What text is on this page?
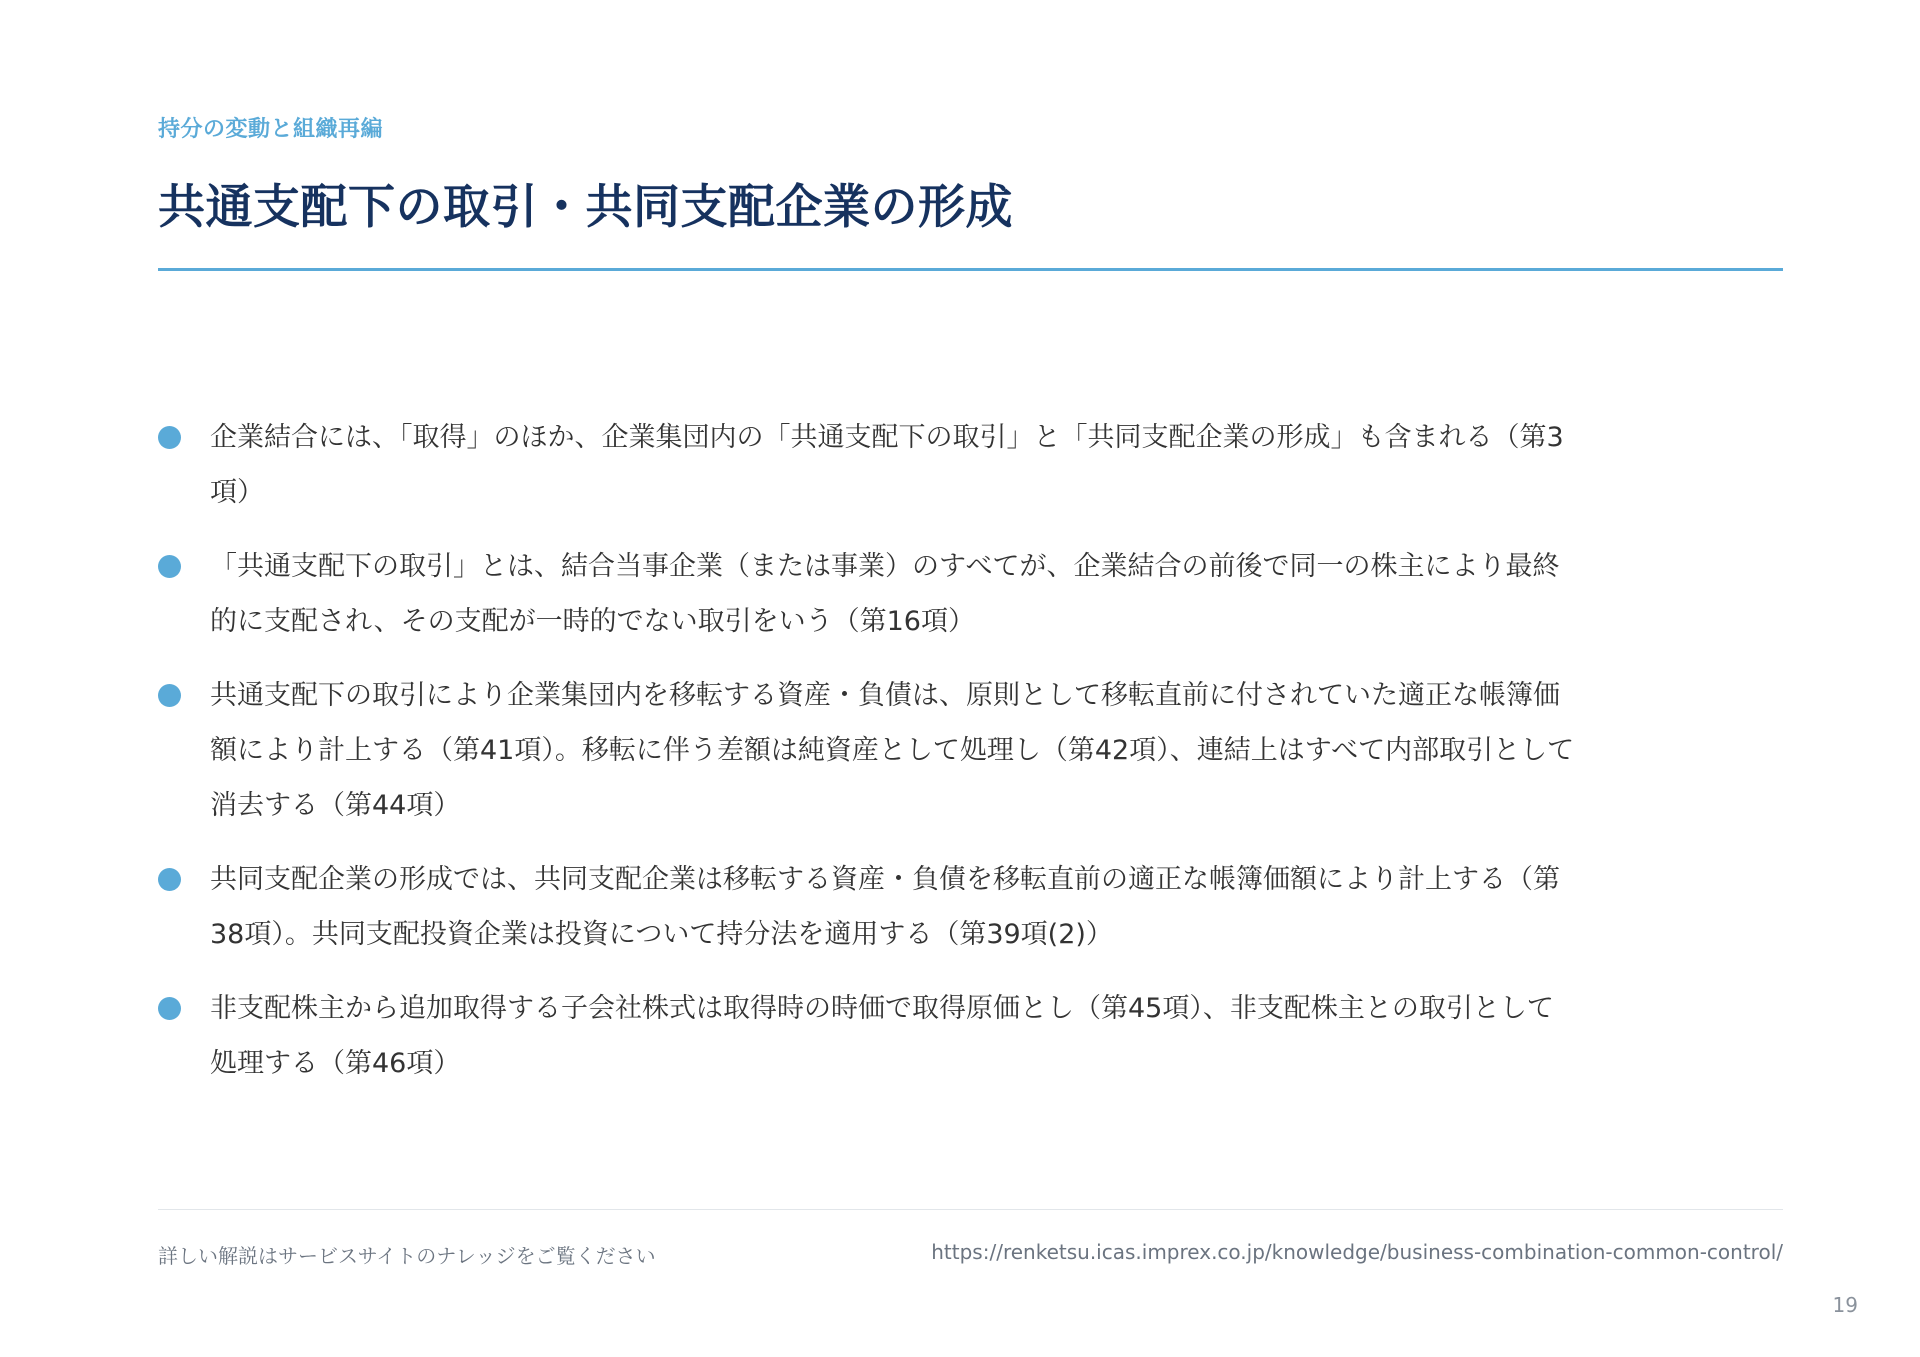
持分の変動と組織再編
共通支配下の取引・共同支配企業の形成
企業結合には、「取得」のほか、企業集団内の「共通支配下の取引」と「共同支配企業の形成」も含まれる（第3項）
「共通支配下の取引」とは、結合当事企業（または事業）のすべてが、企業結合の前後で同一の株主により最終的に支配され、その支配が一時的でない取引をいう（第16項）
共通支配下の取引により企業集団内を移転する資産・負債は、原則として移転直前に付されていた適正な帳簿価額により計上する（第41項）。移転に伴う差額は純資産として処理し（第42項）、連結上はすべて内部取引として消去する（第44項）
共同支配企業の形成では、共同支配企業は移転する資産・負債を移転直前の適正な帳簿価額により計上する（第38項）。共同支配投資企業は投資について持分法を適用する（第39項(2)）
非支配株主から追加取得する子会社株式は取得時の時価で取得原価とし（第45項）、非支配株主との取引として処理する（第46項）
詳しい解説はサービスサイトのナレッジをご覧ください	https://renketsu.icas.imprex.co.jp/knowledge/business-combination-common-control/
19
